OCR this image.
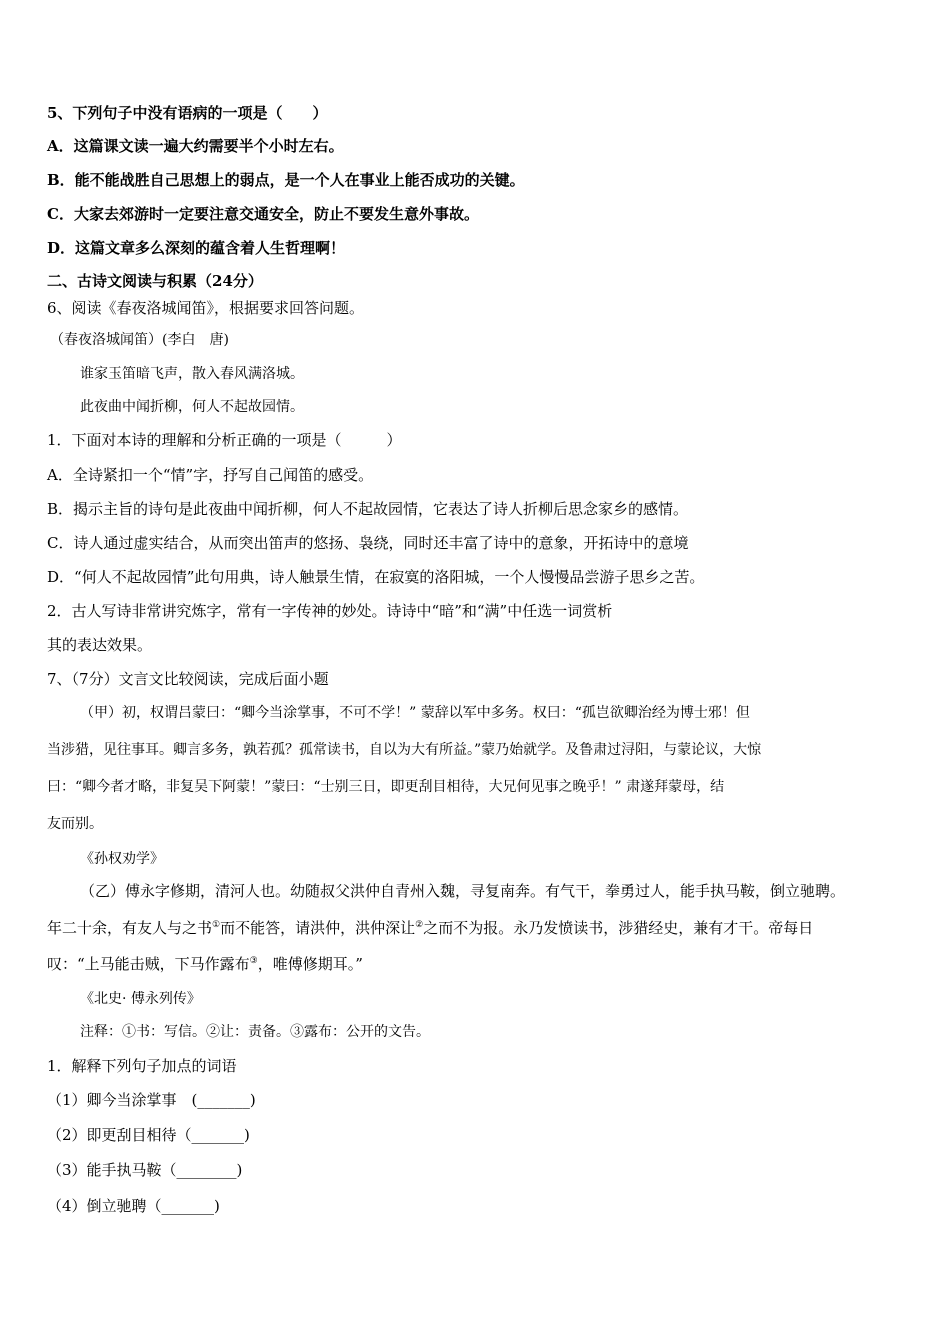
5、下列句子中没有语病的一项是（　　）
A．这篇课文读一遍大约需要半个小时左右。
B．能不能战胜自己思想上的弱点，是一个人在事业上能否成功的关键。
C．大家去郊游时一定要注意交通安全，防止不要发生意外事故。
D．这篇文章多么深刻的蕴含着人生哲理啊！
二、古诗文阅读与积累（24分）
6、阅读《春夜洛城闻笛》，根据要求回答问题。
（春夜洛城闻笛）(李白　唐)
谁家玉笛暗飞声，散入春风满洛城。
此夜曲中闻折柳，何人不起故园情。
1．下面对本诗的理解和分析正确的一项是（　　　）
A．全诗紧扣一个“情”字，抒写自己闻笛的感受。
B．揭示主旨的诗句是此夜曲中闻折柳，何人不起故园情，它表达了诗人折柳后思念家乡的感情。
C．诗人通过虚实结合，从而突出笛声的悠扬、袅绕，同时还丰富了诗中的意象，开拓诗中的意境
D．“何人不起故园情”此句用典，诗人触景生情，在寂寞的洛阳城，一个人慢慢品尝游子思乡之苦。
2．古人写诗非常讲究炼字，常有一字传神的妙处。诗诗中“暗”和“满”中任选一词赏析
其的表达效果。
7、（7分）文言文比较阅读，完成后面小题
（甲）初，权谓吕蒙曰：“卿今当涂掌事，不可不学！” 蒙辞以军中多务。权曰：“孤岂欲卿治经为博士邪！但
当涉猎，见往事耳。卿言多务，孰若孤？孤常读书，自以为大有所益。”蒙乃始就学。及鲁肃过浔阳，与蒙论议，大惊
曰：“卿今者才略，非复吴下阿蒙！”蒙曰：“士别三日，即更刮目相待，大兄何见事之晚乎！” 肃遂拜蒙母，结
友而别。
《孙权劝学》
（乙）傅永字修期，清河人也。幼随叔父洪仲自青州入魏，寻复南奔。有气干，拳勇过人，能手执马鞍，倒立驰聘。
年二十余，有友人与之书①而不能答，请洪仲，洪仲深让②之而不为报。永乃发愤读书，涉猎经史，兼有才干。帝每日
叹：“上马能击贼，下马作露布③，唯傅修期耳。”
《北史· 傅永列传》
注释：①书：写信。②让：责备。③露布：公开的文告。
1．解释下列句子加点的词语
（1）卿今当涂掌事　(_______)
（2）即更刮目相待（_______)
（3）能手执马鞍（________)
（4）倒立驰聘（_______)
